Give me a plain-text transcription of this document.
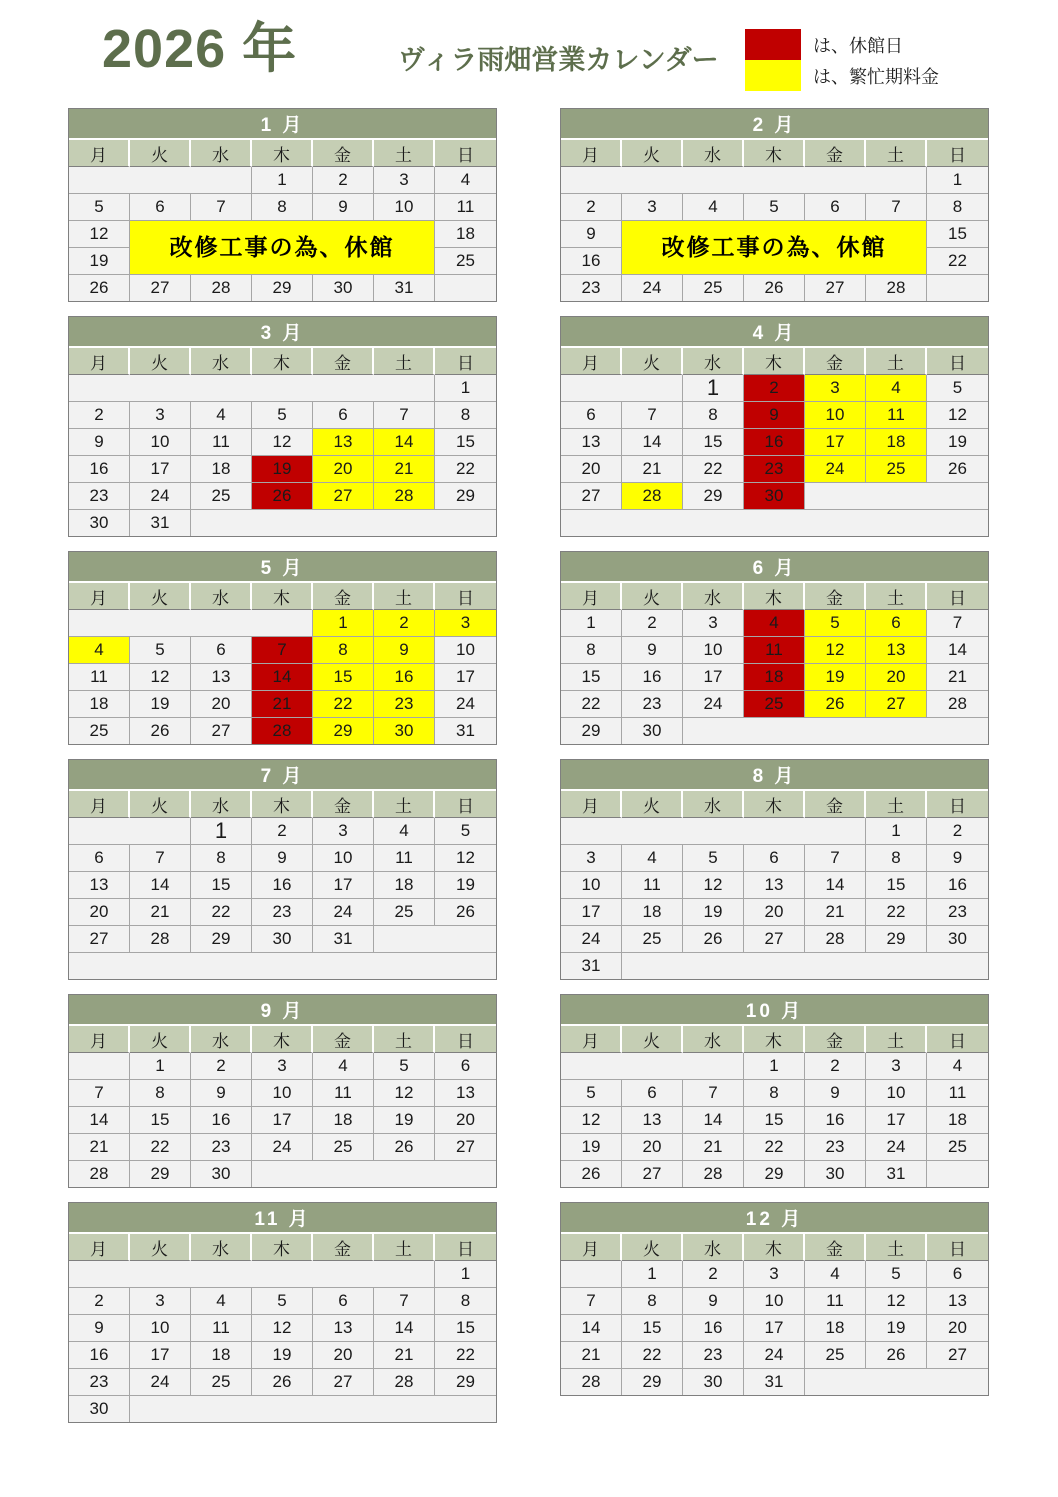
2026 年	ヴィラ雨畑営業カレンダー	は、休館日
は、繁忙期料金
1 月						
月	火	水	木	金	土	日
			1	2	3	4
5	6	7	8	9	10	11
12	改修工事の為、休館					18
19						25
26	27	28	29	30	31	
2 月						
月	火	水	木	金	土	日
						1
2	3	4	5	6	7	8
9	改修工事の為、休館					15
16						22
23	24	25	26	27	28	
3 月						
月	火	水	木	金	土	日
						1
2	3	4	5	6	7	8
9	10	11	12	13	14	15
16	17	18	19	20	21	22
23	24	25	26	27	28	29
30	31					
4 月						
月	火	水	木	金	土	日
		1	2	3	4	5
6	7	8	9	10	11	12
13	14	15	16	17	18	19
20	21	22	23	24	25	26
27	28	29	30			

5 月						
月	火	水	木	金	土	日
				1	2	3
4	5	6	7	8	9	10
11	12	13	14	15	16	17
18	19	20	21	22	23	24
25	26	27	28	29	30	31
6 月						
月	火	水	木	金	土	日
1	2	3	4	5	6	7
8	9	10	11	12	13	14
15	16	17	18	19	20	21
22	23	24	25	26	27	28
29	30					
7 月						
月	火	水	木	金	土	日
		1	2	3	4	5
6	7	8	9	10	11	12
13	14	15	16	17	18	19
20	21	22	23	24	25	26
27	28	29	30	31		

8 月						
月	火	水	木	金	土	日
					1	2
3	4	5	6	7	8	9
10	11	12	13	14	15	16
17	18	19	20	21	22	23
24	25	26	27	28	29	30
31						
9 月						
月	火	水	木	金	土	日
	1	2	3	4	5	6
7	8	9	10	11	12	13
14	15	16	17	18	19	20
21	22	23	24	25	26	27
28	29	30				
10 月						
月	火	水	木	金	土	日
			1	2	3	4
5	6	7	8	9	10	11
12	13	14	15	16	17	18
19	20	21	22	23	24	25
26	27	28	29	30	31	
11 月						
月	火	水	木	金	土	日
						1
2	3	4	5	6	7	8
9	10	11	12	13	14	15
16	17	18	19	20	21	22
23	24	25	26	27	28	29
30						
12 月						
月	火	水	木	金	土	日
	1	2	3	4	5	6
7	8	9	10	11	12	13
14	15	16	17	18	19	20
21	22	23	24	25	26	27
28	29	30	31			
